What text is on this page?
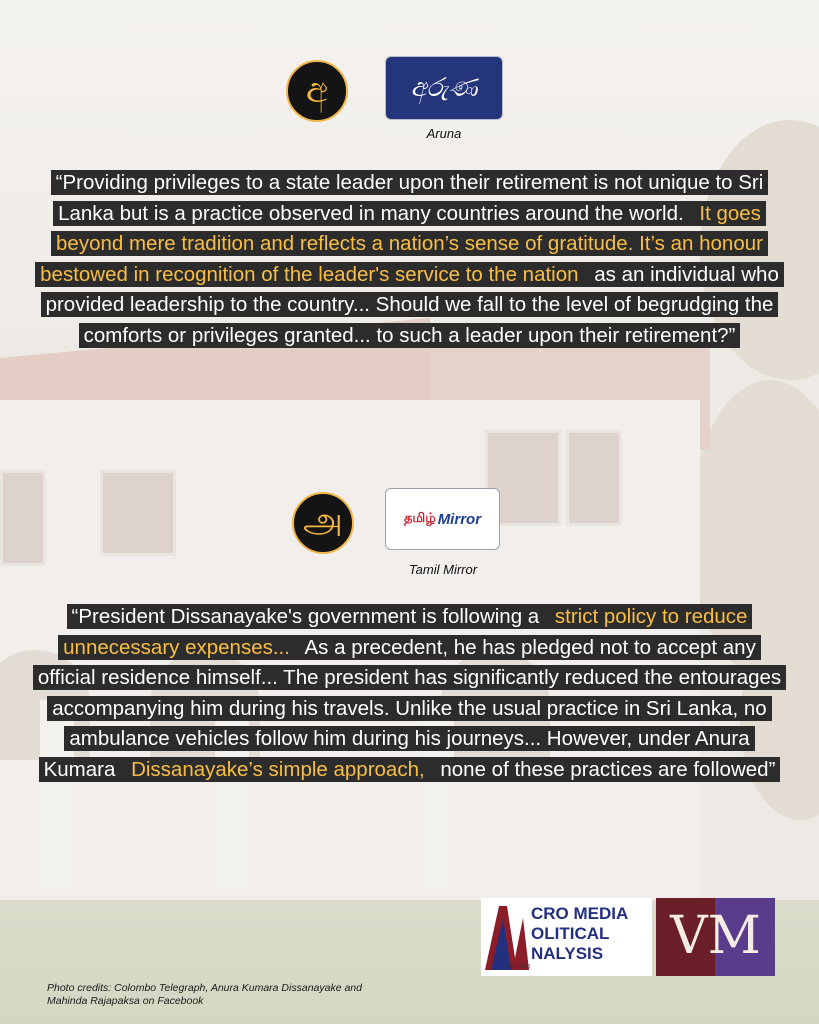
අ	අරුණ
Aruna
“Providing privileges to a state leader upon their retirement is not unique to Sri Lanka but is a practice observed in many countries around the world. It goes beyond mere tradition and reflects a nation’s sense of gratitude. It’s an honour bestowed in recognition of the leader's service to the nation as an individual who provided leadership to the country... Should we fall to the level of begrudging the comforts or privileges granted... to such a leader upon their retirement?”
அ	தமிழ் Mirror
Tamil Mirror
“President Dissanayake's government is following a strict policy to reduce unnecessary expenses... As a precedent, he has pledged not to accept any official residence himself... The president has significantly reduced the entourages accompanying him during his travels. Unlike the usual practice in Sri Lanka, no ambulance vehicles follow him during his journeys... However, under Anura Kumara Dissanayake’s simple approach, none of these practices are followed”
Photo credits: Colombo Telegraph, Anura Kumara Dissanayake and Mahinda Rajapaksa on Facebook
CRO MEDIA
OLITICAL
NALYSIS
EST. 2010
VM
